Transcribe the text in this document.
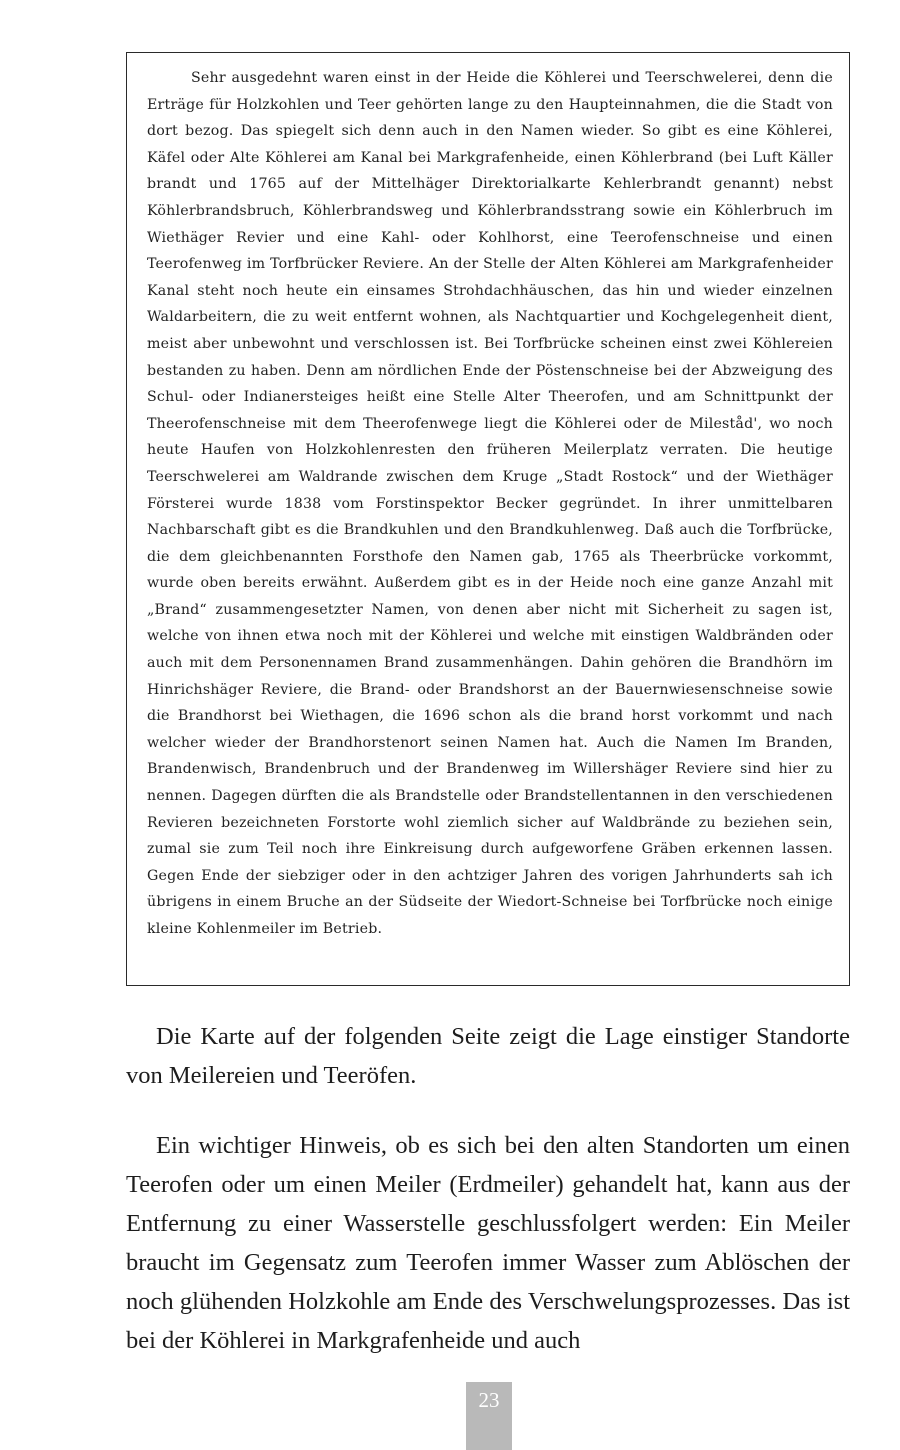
Sehr ausgedehnt waren einst in der Heide die Köhlerei und Teerschwelerei, denn die Erträge für Holzkohlen und Teer gehörten lange zu den Haupteinnahmen, die die Stadt von dort bezog. Das spiegelt sich denn auch in den Namen wieder. So gibt es eine Köhlerei, Käfel oder Alte Köhlerei am Kanal bei Markgrafenheide, einen Köhlerbrand (bei Luft Käller brandt und 1765 auf der Mittelhäger Direktorialkarte Kehlerbrandt genannt) nebst Köhlerbrandsbruch, Köhlerbrandsweg und Köhlerbrandsstrang sowie ein Köhlerbruch im Wiethäger Revier und eine Kahl- oder Kohlhorst, eine Teerofenschneise und einen Teerofenweg im Torfbrücker Reviere. An der Stelle der Alten Köhlerei am Markgrafenheider Kanal steht noch heute ein einsames Strohdachhäuschen, das hin und wieder einzelnen Waldarbeitern, die zu weit entfernt wohnen, als Nachtquartier und Kochgelegenheit dient, meist aber unbewohnt und verschlossen ist. Bei Torfbrücke scheinen einst zwei Köhlereien bestanden zu haben. Denn am nördlichen Ende der Pöstenschneise bei der Abzweigung des Schul- oder Indianersteiges heißt eine Stelle Alter Theerofen, und am Schnittpunkt der Theerofenschneise mit dem Theerofenwege liegt die Köhlerei oder de Mileståd', wo noch heute Haufen von Holzkohlenresten den früheren Meilerplatz verraten. Die heutige Teerschwelerei am Waldrande zwischen dem Kruge „Stadt Rostock“ und der Wiethäger Försterei wurde 1838 vom Forstinspektor Becker gegründet. In ihrer unmittelbaren Nachbarschaft gibt es die Brandkuhlen und den Brandkuhlenweg. Daß auch die Torfbrücke, die dem gleichbenannten Forsthofe den Namen gab, 1765 als Theerbrücke vorkommt, wurde oben bereits erwähnt. Außerdem gibt es in der Heide noch eine ganze Anzahl mit „Brand“ zusammengesetzter Namen, von denen aber nicht mit Sicherheit zu sagen ist, welche von ihnen etwa noch mit der Köhlerei und welche mit einstigen Waldbränden oder auch mit dem Personennamen Brand zusammenhängen. Dahin gehören die Brandhörn im Hinrichshäger Reviere, die Brand- oder Brandshorst an der Bauernwiesenschneise sowie die Brandhorst bei Wiethagen, die 1696 schon als die brand horst vorkommt und nach welcher wieder der Brandhorstenort seinen Namen hat. Auch die Namen Im Branden, Brandenwisch, Brandenbruch und der Brandenweg im Willershäger Reviere sind hier zu nennen. Dagegen dürften die als Brandstelle oder Brandstellentannen in den verschiedenen Revieren bezeichneten Forstorte wohl ziemlich sicher auf Waldbrände zu beziehen sein, zumal sie zum Teil noch ihre Einkreisung durch aufgeworfene Gräben erkennen lassen. Gegen Ende der siebziger oder in den achtziger Jahren des vorigen Jahrhunderts sah ich übrigens in einem Bruche an der Südseite der Wiedort-Schneise bei Torfbrücke noch einige kleine Kohlenmeiler im Betrieb.

Die Karte auf der folgenden Seite zeigt die Lage einstiger Standorte von Meilereien und Teeröfen.

Ein wichtiger Hinweis, ob es sich bei den alten Standorten um einen Teerofen oder um einen Meiler (Erdmeiler) gehandelt hat, kann aus der Entfernung zu einer Wasserstelle geschlussfolgert werden: Ein Meiler braucht im Gegensatz zum Teerofen immer Wasser zum Ablöschen der noch glühenden Holzkohle am Ende des Verschwelungsprozesses. Das ist bei der Köhlerei in Markgrafenheide und auch

23
